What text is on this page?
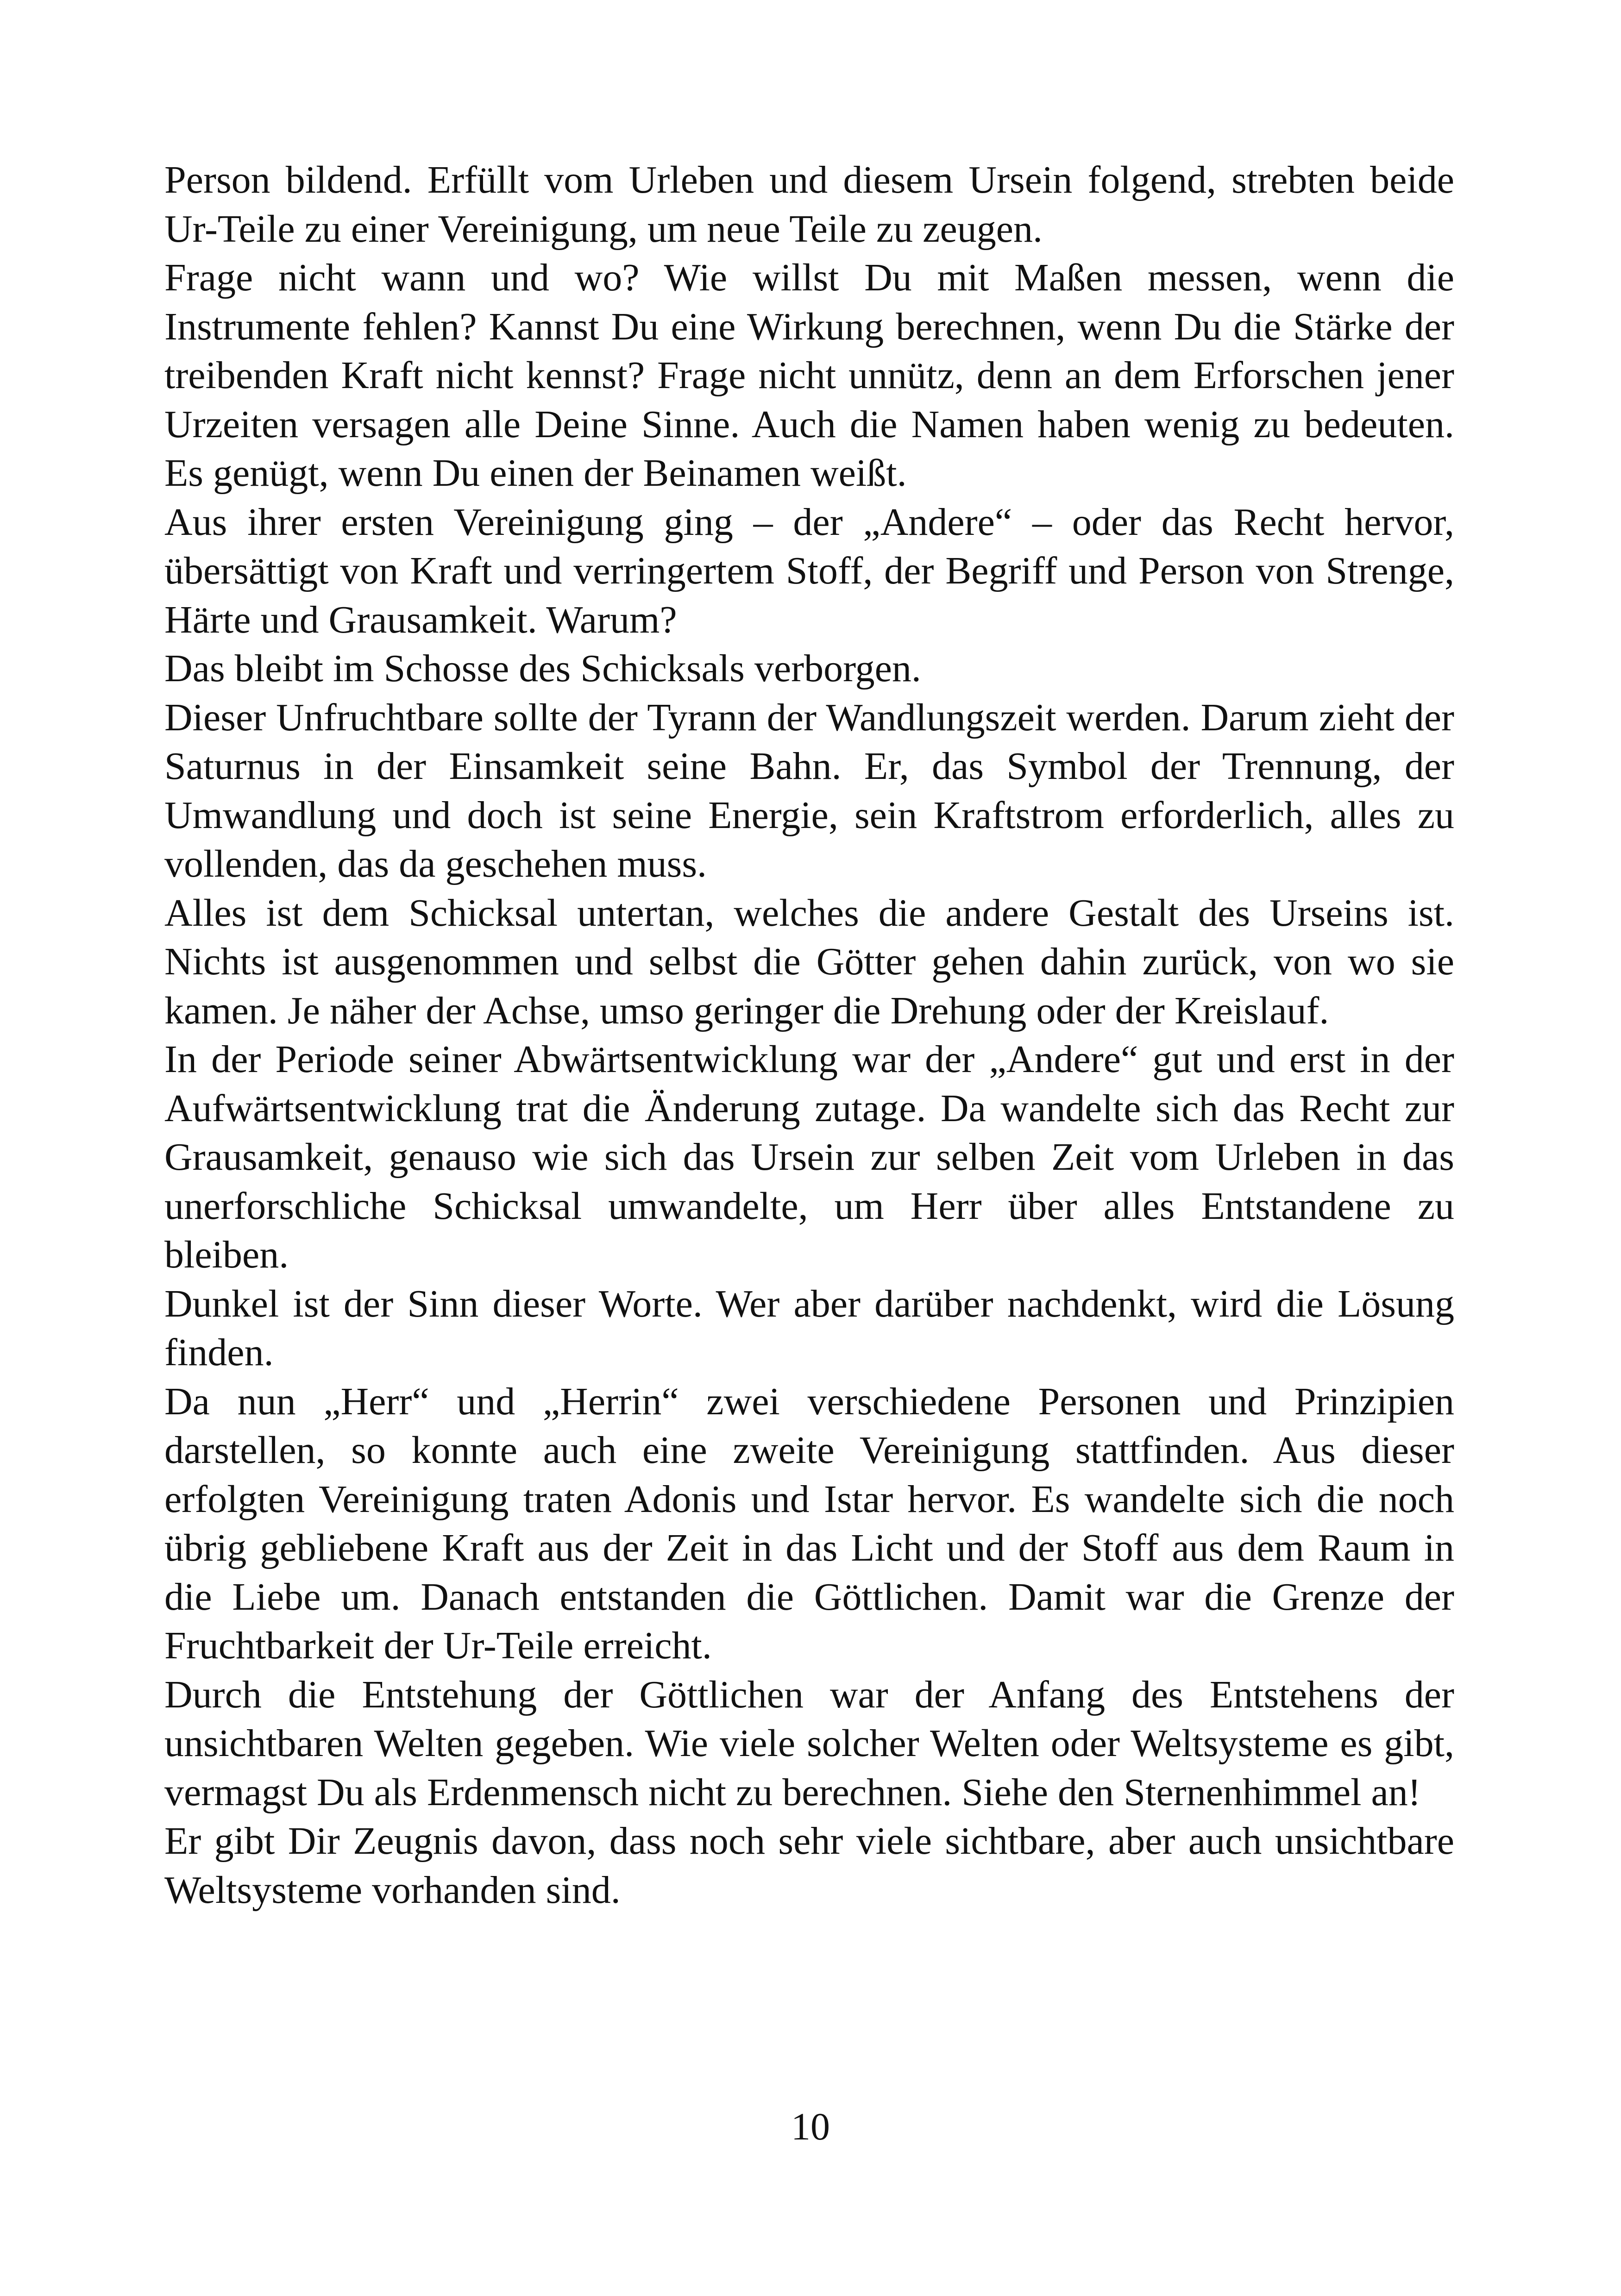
Person bildend. Erfüllt vom Urleben und diesem Ursein folgend, strebten beide Ur-Teile zu einer Vereinigung, um neue Teile zu zeugen.

Frage nicht wann und wo? Wie willst Du mit Maßen messen, wenn die Instrumente fehlen? Kannst Du eine Wirkung berechnen, wenn Du die Stärke der treibenden Kraft nicht kennst? Frage nicht unnütz, denn an dem Erforschen jener Urzeiten versagen alle Deine Sinne. Auch die Namen haben wenig zu bedeuten. Es genügt, wenn Du einen der Beinamen weißt.

Aus ihrer ersten Vereinigung ging – der „Andere“ – oder das Recht hervor, übersättigt von Kraft und verringertem Stoff, der Begriff und Person von Strenge, Härte und Grausamkeit. Warum?

Das bleibt im Schosse des Schicksals verborgen.

Dieser Unfruchtbare sollte der Tyrann der Wandlungszeit werden. Darum zieht der Saturnus in der Einsamkeit seine Bahn. Er, das Symbol der Trennung, der Umwandlung und doch ist seine Energie, sein Kraftstrom erforderlich, alles zu vollenden, das da geschehen muss.

Alles ist dem Schicksal untertan, welches die andere Gestalt des Urseins ist. Nichts ist ausgenommen und selbst die Götter gehen dahin zurück, von wo sie kamen. Je näher der Achse, umso geringer die Drehung oder der Kreislauf.

In der Periode seiner Abwärtsentwicklung war der „Andere“ gut und erst in der Aufwärtsentwicklung trat die Änderung zutage. Da wandelte sich das Recht zur Grausamkeit, genauso wie sich das Ursein zur selben Zeit vom Urleben in das unerforschliche Schicksal umwandelte, um Herr über alles Entstandene zu bleiben.

Dunkel ist der Sinn dieser Worte. Wer aber darüber nachdenkt, wird die Lösung finden.

Da nun „Herr“ und „Herrin“ zwei verschiedene Personen und Prinzipien darstellen, so konnte auch eine zweite Vereinigung stattfinden. Aus dieser erfolgten Vereinigung traten Adonis und Istar hervor. Es wandelte sich die noch übrig gebliebene Kraft aus der Zeit in das Licht und der Stoff aus dem Raum in die Liebe um. Danach entstanden die Göttlichen. Damit war die Grenze der Fruchtbarkeit der Ur-Teile erreicht.

Durch die Entstehung der Göttlichen war der Anfang des Entstehens der unsichtbaren Welten gegeben. Wie viele solcher Welten oder Weltsysteme es gibt, vermagst Du als Erdenmensch nicht zu berechnen. Siehe den Sternenhimmel an!

Er gibt Dir Zeugnis davon, dass noch sehr viele sichtbare, aber auch unsichtbare Weltsysteme vorhanden sind.

10
